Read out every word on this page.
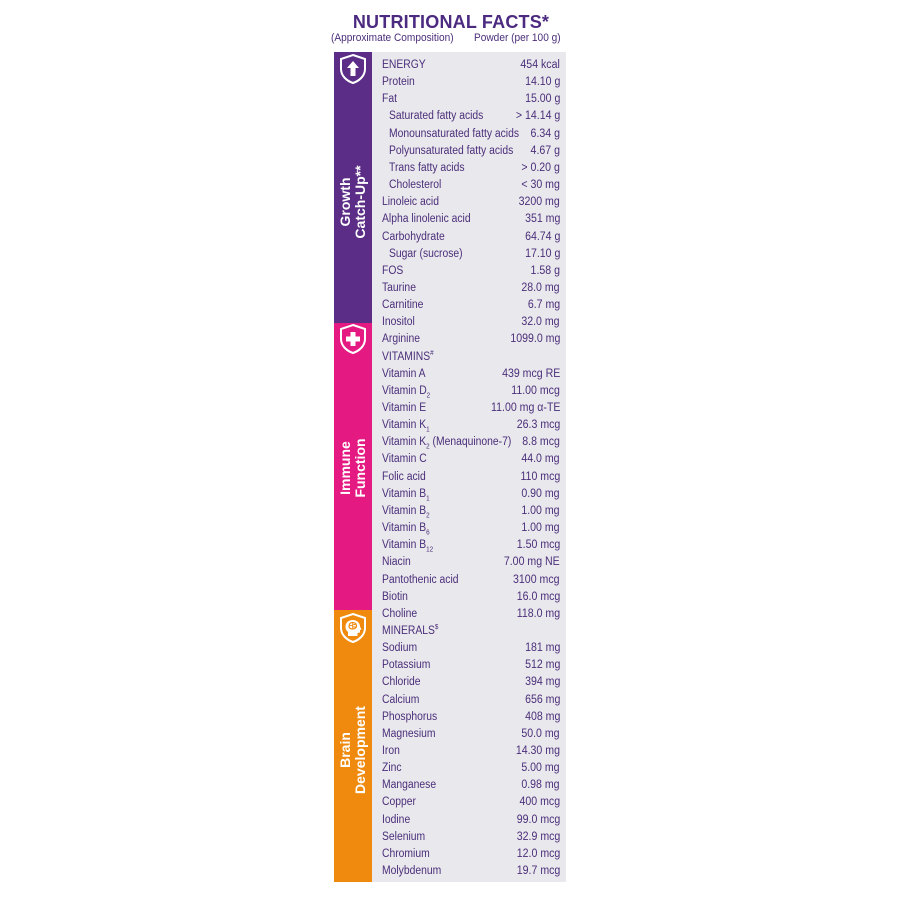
NUTRITIONAL FACTS*
(Approximate Composition) Powder (per 100 g)
Growth Catch-Up**
Immune Function
Brain Development
ENERGY	454 kcal
Protein	14.10 g
Fat	15.00 g
Saturated fatty acids	> 14.14 g
Monounsaturated fatty acids 6.34 g
Polyunsaturated fatty acids 4.67 g
Trans fatty acids	> 0.20 g
Cholesterol	< 30 mg
Linoleic acid	3200 mg
Alpha linolenic acid	351 mg
Carbohydrate	64.74 g
Sugar (sucrose)	17.10 g
FOS	1.58 g
Taurine	28.0 mg
Carnitine	6.7 mg
Inositol	32.0 mg
Arginine	1099.0 mg
VITAMINS#
Vitamin A	439 mcg RE
Vitamin $D_2$	11.00 mcg
Vitamin E	11.00 mg α-TE
Vitamin $K_1$	26.3 mcg
Vitamin $K_2$ (Menaquinone-7) 8.8 mcg
Vitamin C	44.0 mg
Folic acid	110 mcg
Vitamin $B_1$	0.90 mg
Vitamin $B_2$	1.00 mg
Vitamin $B_6$	1.00 mg
Vitamin $B_{12}$	1.50 mcg
Niacin	7.00 mg NE
Pantothenic acid	3100 mcg
Biotin	16.0 mcg
Choline	118.0 mg
MINERALS$
Sodium	181 mg
Potassium	512 mg
Chloride	394 mg
Calcium	656 mg
Phosphorus	408 mg
Magnesium	50.0 mg
Iron	14.30 mg
Zinc	5.00 mg
Manganese	0.98 mg
Copper	400 mcg
Iodine	99.0 mcg
Selenium	32.9 mcg
Chromium	12.0 mcg
Molybdenum	19.7 mcg
